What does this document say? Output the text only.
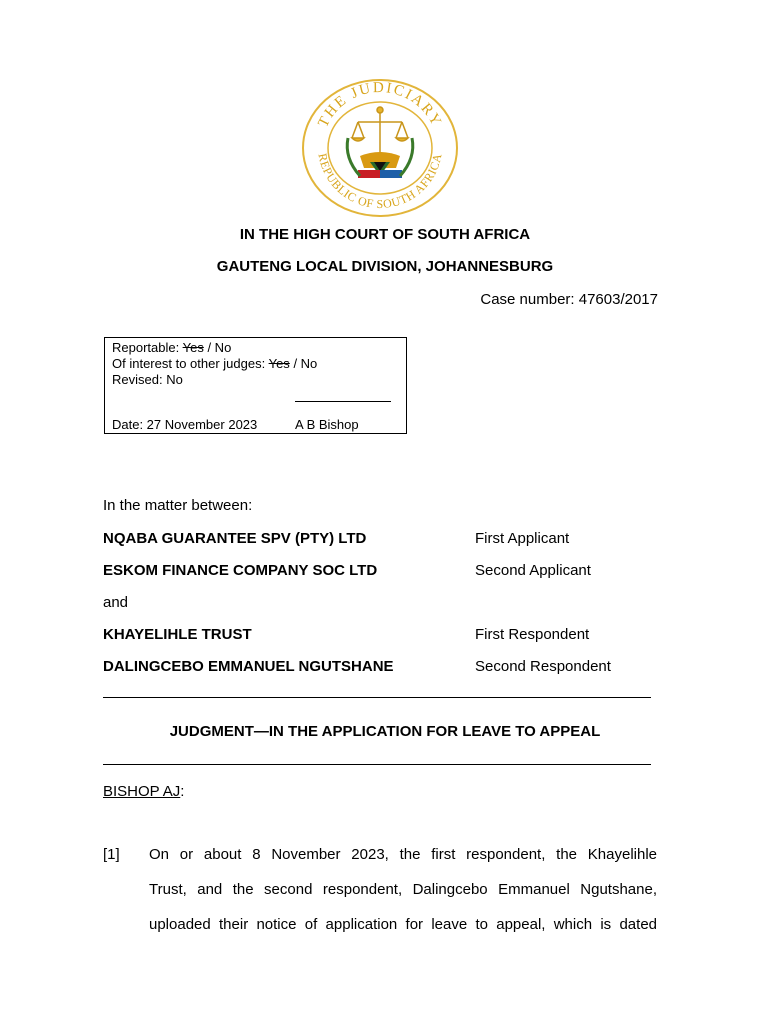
THE JUDICIARY
REPUBLIC OF SOUTH AFRICA
IN THE HIGH COURT OF SOUTH AFRICA
GAUTENG LOCAL DIVISION, JOHANNESBURG
Case number: 47603/2017
Reportable: Yes / No
Of interest to other judges: Yes / No
Revised: No
Date: 27 November 2023	A B Bishop
In the matter between:
NQABA GUARANTEE SPV (PTY) LTD	First Applicant
ESKOM FINANCE COMPANY SOC LTD	Second Applicant
and
KHAYELIHLE TRUST	First Respondent
DALINGCEBO EMMANUEL NGUTSHANE	Second Respondent
JUDGMENT—IN THE APPLICATION FOR LEAVE TO APPEAL
BISHOP AJ:
[1] On or about 8 November 2023, the first respondent, the Khayelihle
Trust, and the second respondent, Dalingcebo Emmanuel Ngutshane,
uploaded their notice of application for leave to appeal, which is dated
